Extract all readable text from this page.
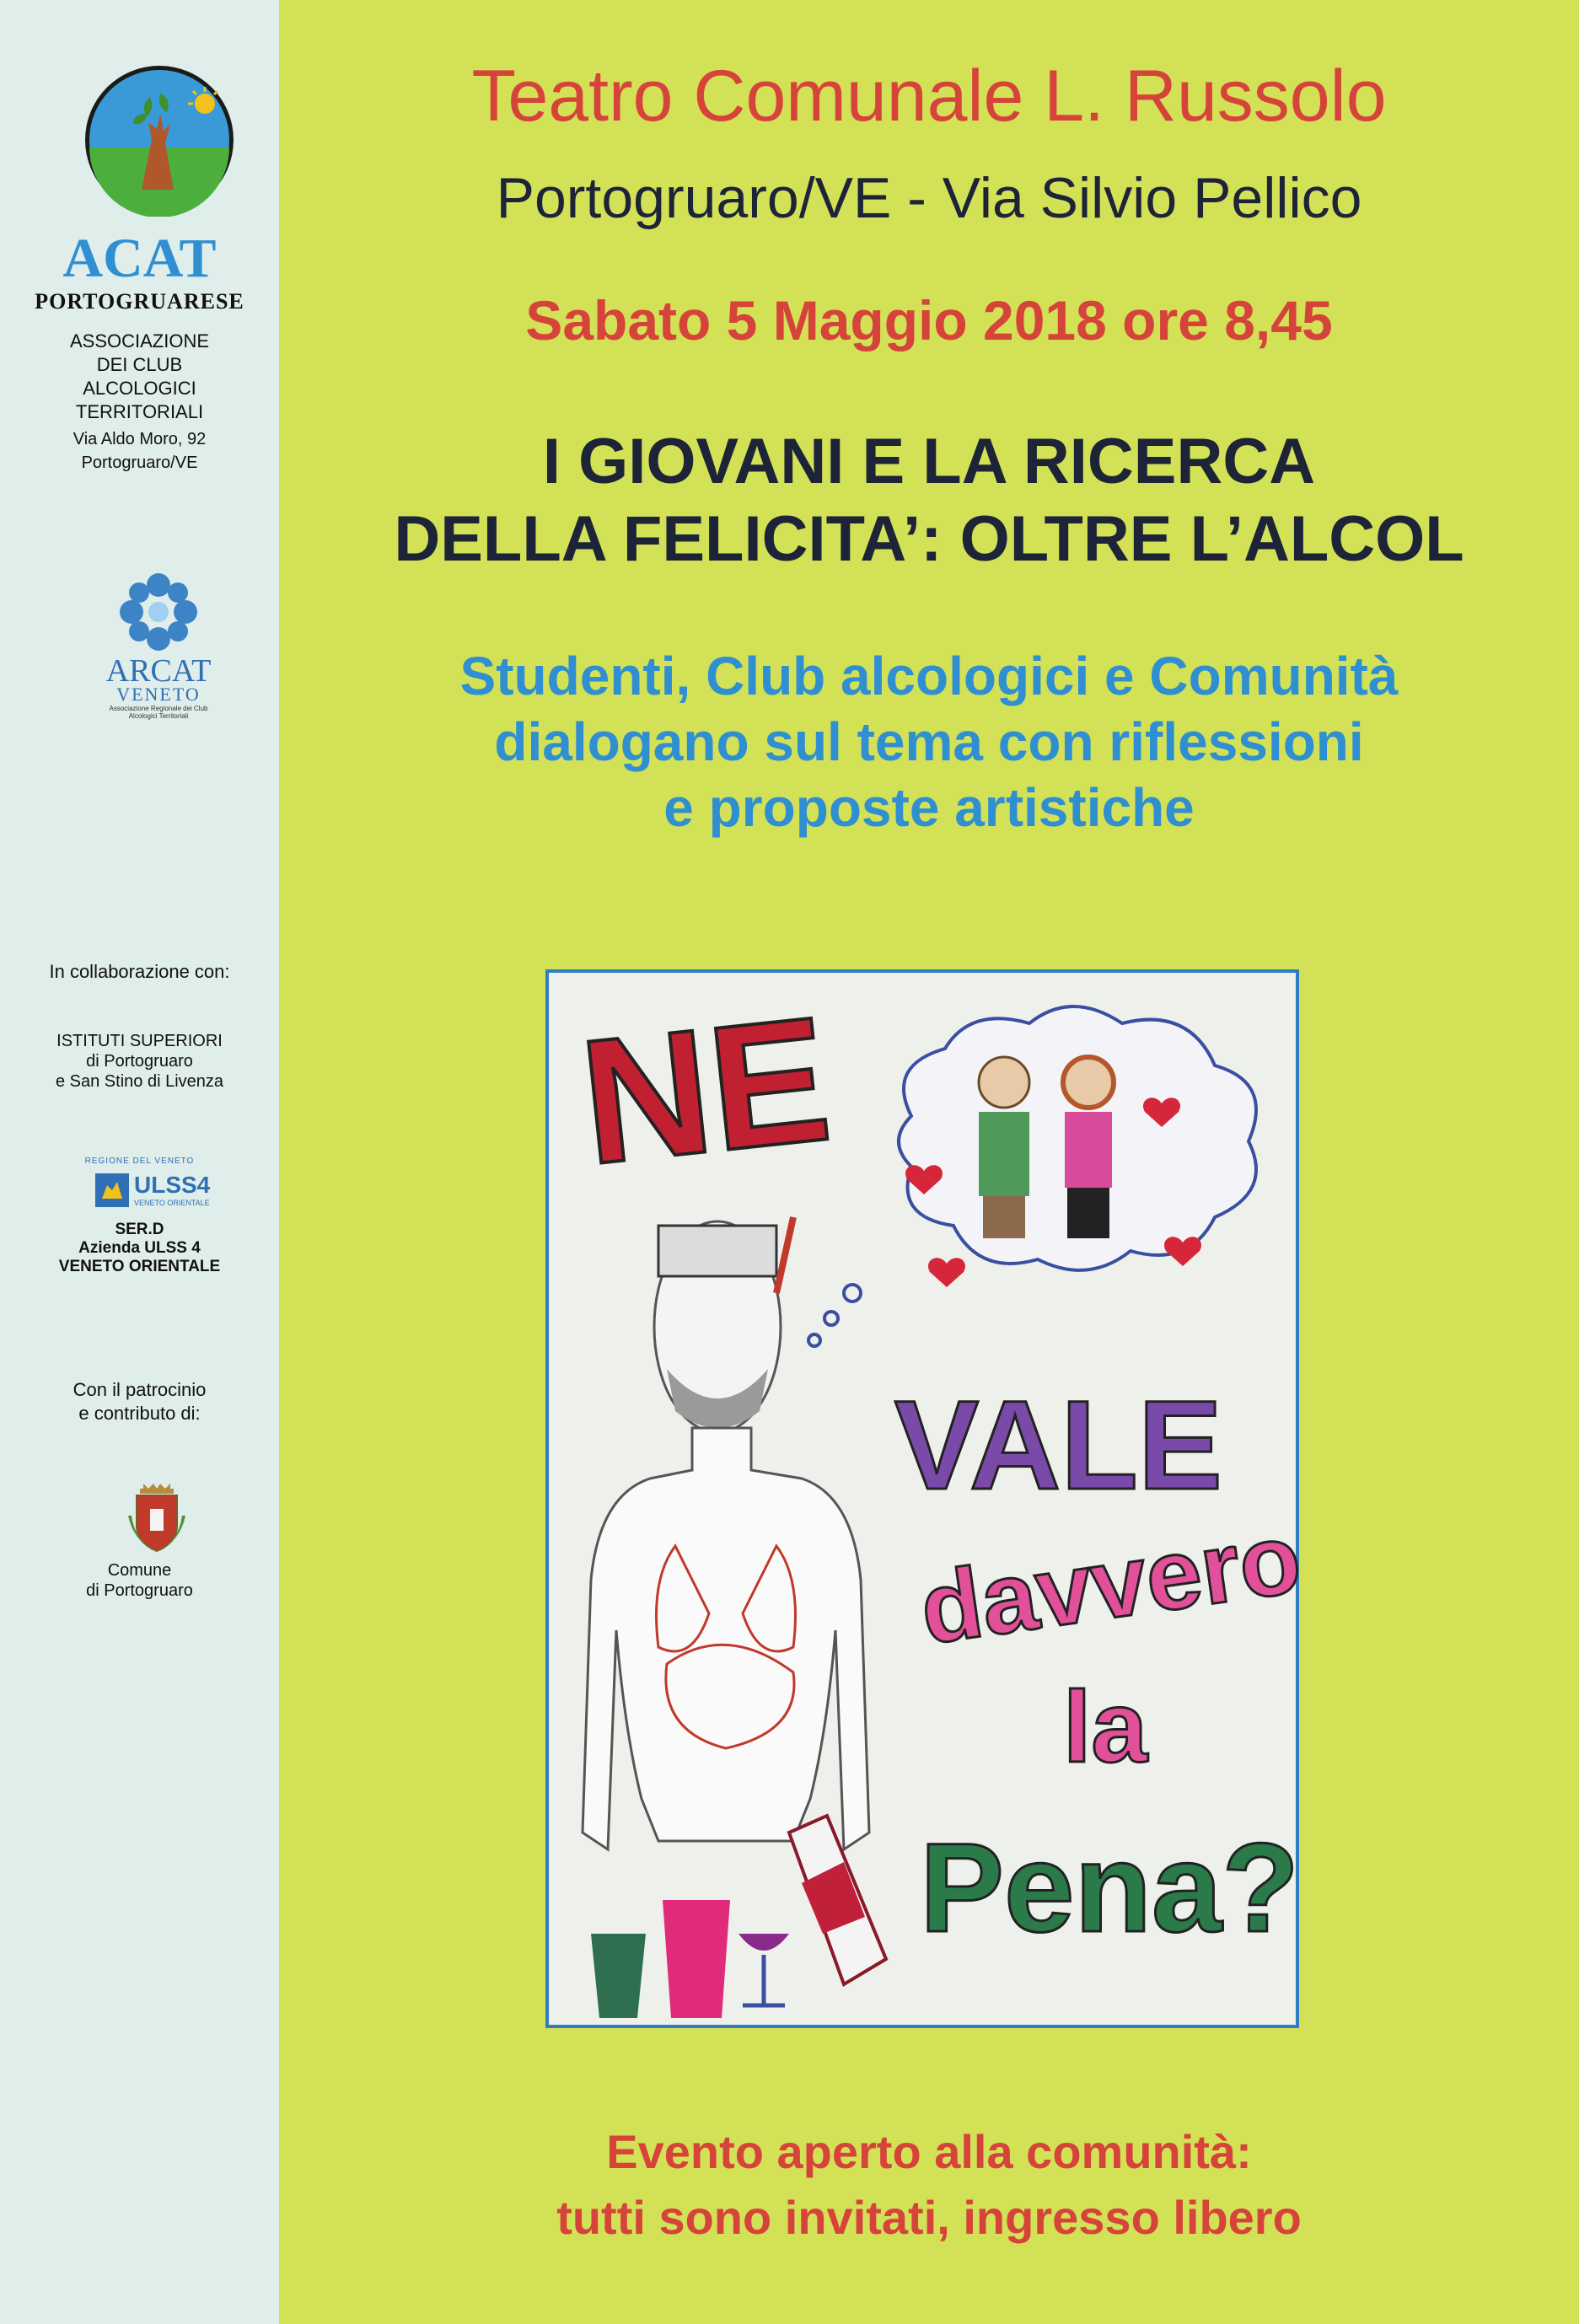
ACAT
PORTOGRUARESE
ASSOCIAZIONE
DEI CLUB
ALCOLOGICI
TERRITORIALI
Via Aldo Moro, 92
Portogruaro/VE
ARCAT
VENETO
Associazione Regionale dei Club Alcologici Territoriali
In collaborazione con:
ISTITUTI SUPERIORI
di Portogruaro
e San Stino di Livenza
REGIONE DEL VENETO
ULSS4
VENETO ORIENTALE
SER.D
Azienda ULSS 4
VENETO ORIENTALE
Con il patrocinio
e contributo di:
Comune
di Portogruaro
Teatro Comunale L. Russolo
Portogruaro/VE - Via Silvio Pellico
Sabato 5 Maggio 2018 ore 8,45
I GIOVANI E LA RICERCA
DELLA FELICITA’: OLTRE L’ALCOL
Studenti, Club alcologici e Comunità
dialogano sul tema con riflessioni
e proposte artistiche
Evento aperto alla comunità:
tutti sono invitati, ingresso libero
NE
VALE
davvero
la
Pena?
